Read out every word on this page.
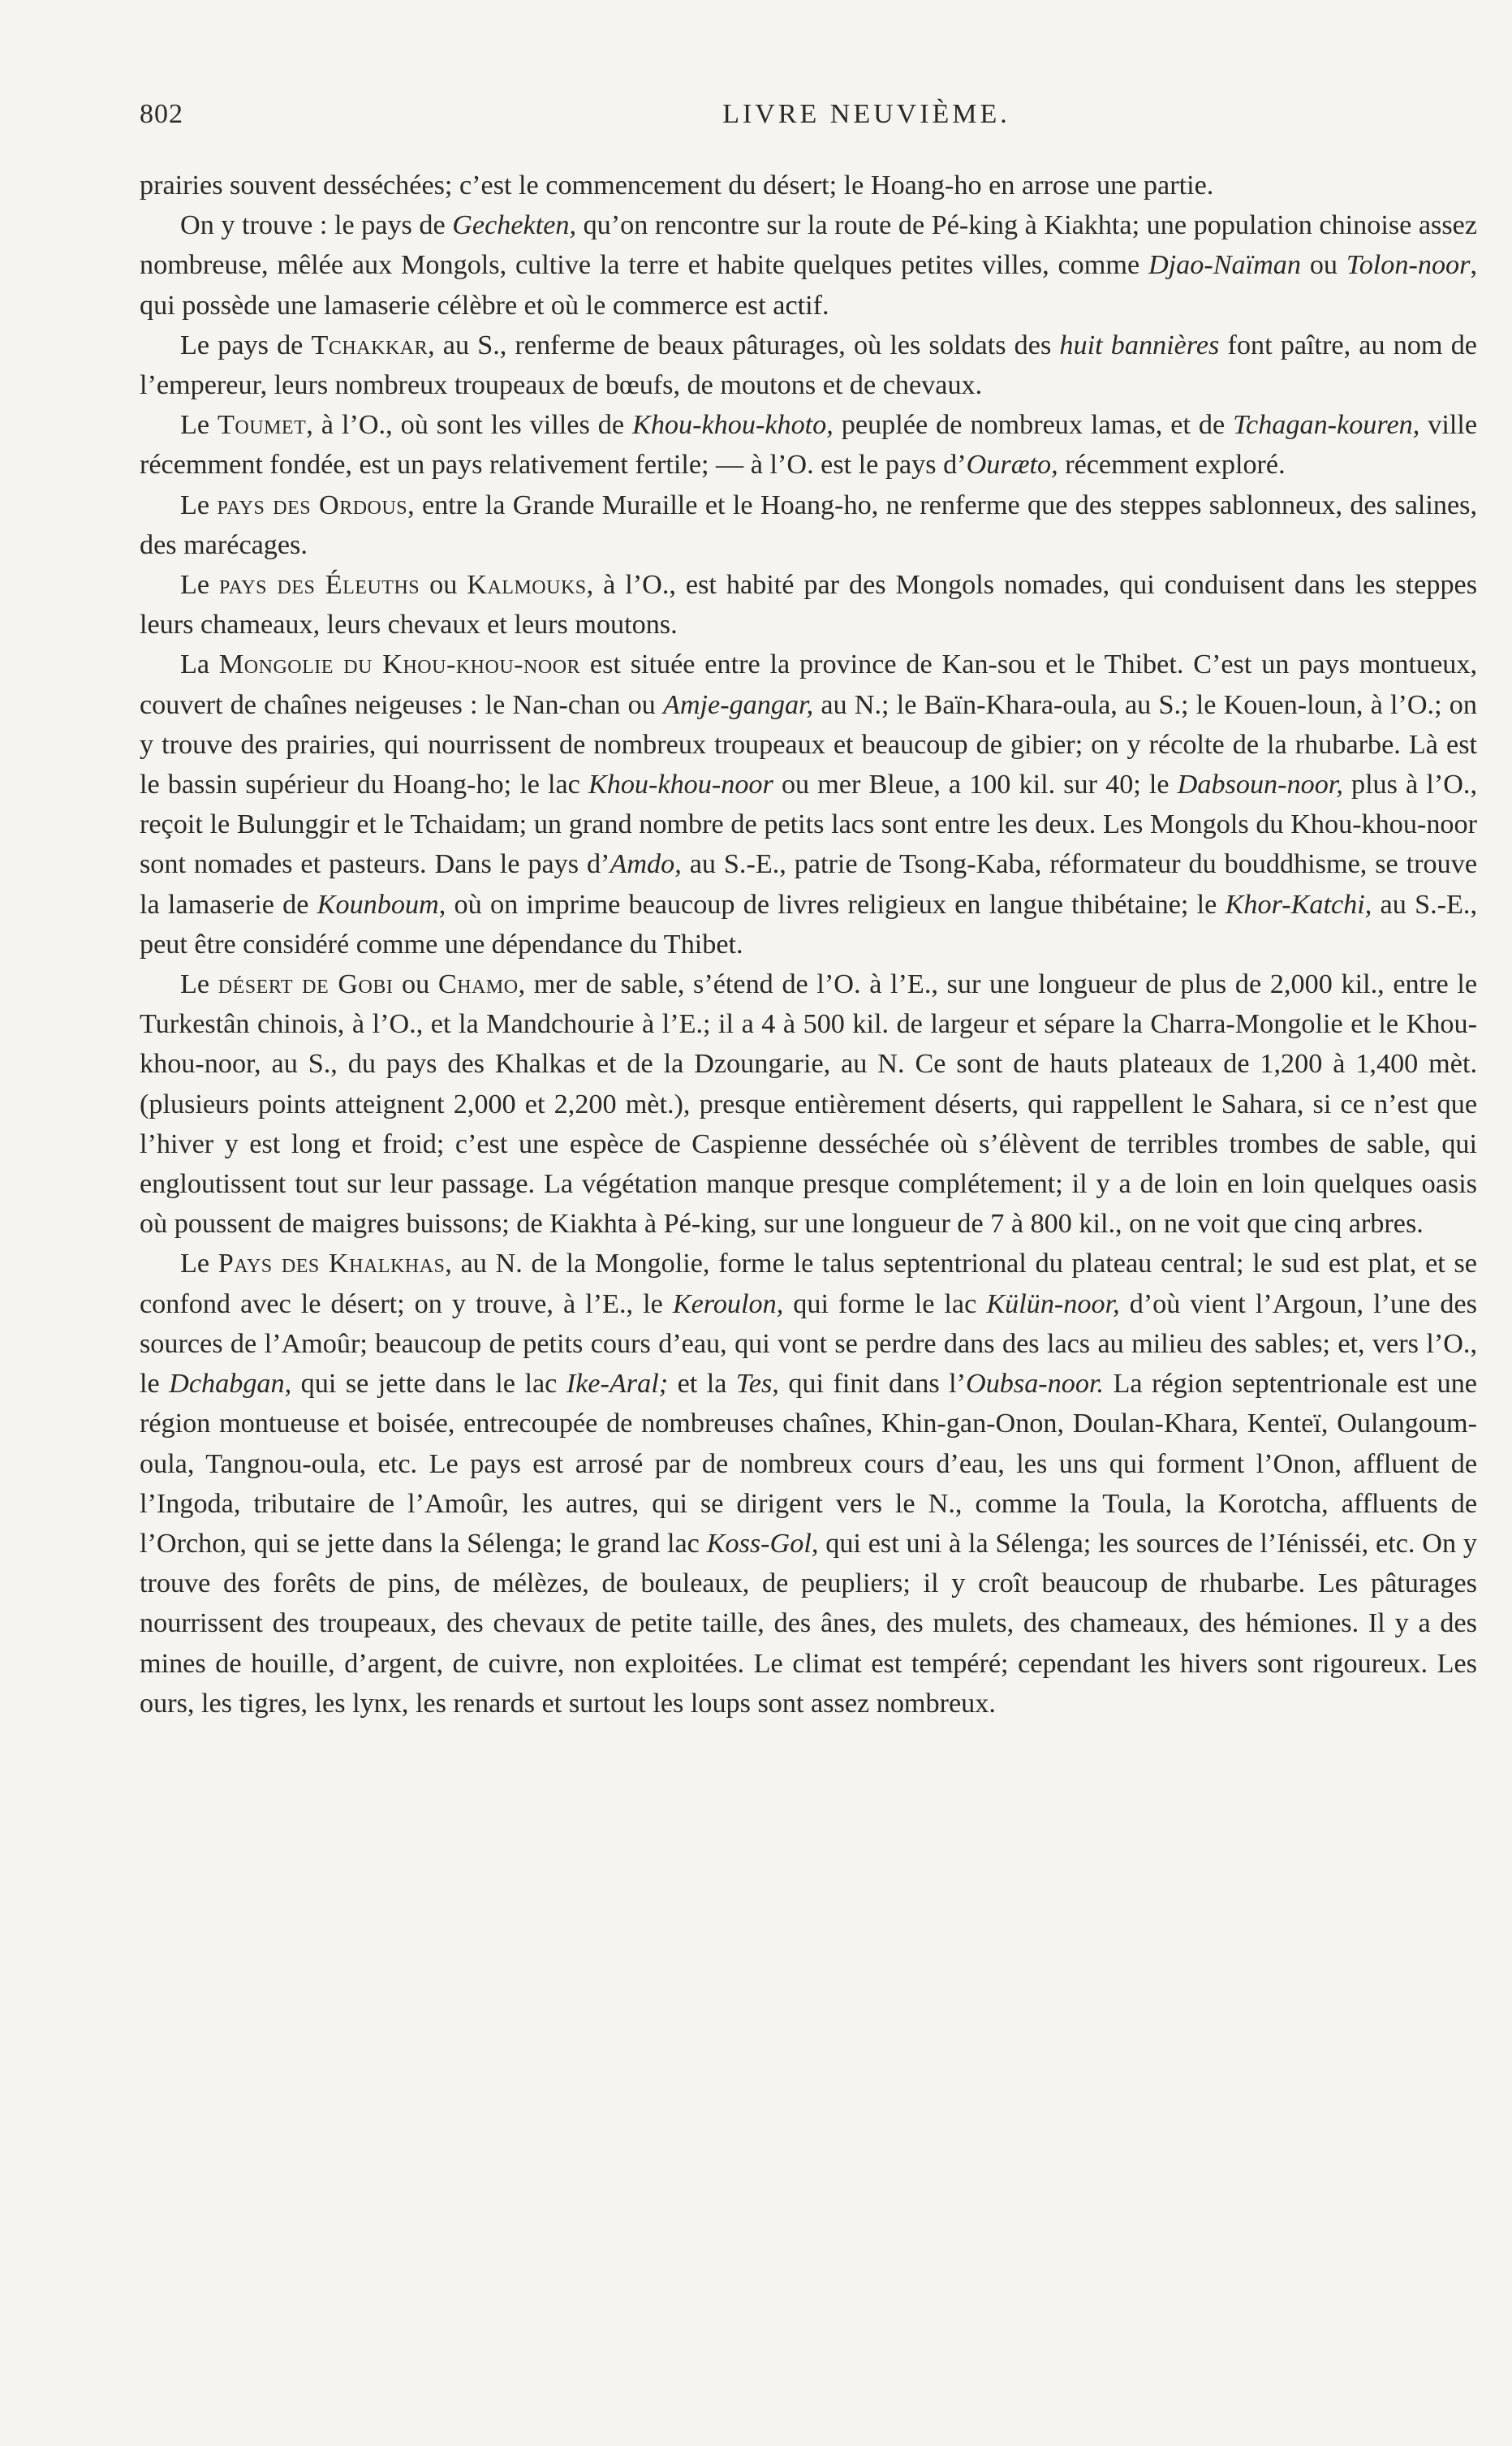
802	LIVRE NEUVIÈME.

prairies souvent desséchées; c’est le commencement du désert; le Hoang-ho en arrose une partie.

On y trouve : le pays de Gechekten, qu’on rencontre sur la route de Pé-king à Kiakhta; une population chinoise assez nombreuse, mêlée aux Mongols, cultive la terre et habite quelques petites villes, comme Djao-Naïman ou Tolon-noor, qui possède une lamaserie célèbre et où le commerce est actif.

Le pays de Tchakkar, au S., renferme de beaux pâturages, où les soldats des huit bannières font paître, au nom de l’empereur, leurs nombreux troupeaux de bœufs, de moutons et de chevaux.

Le Toumet, à l’O., où sont les villes de Khou-khou-khoto, peuplée de nombreux lamas, et de Tchagan-kouren, ville récemment fondée, est un pays relativement fertile; — à l’O. est le pays d’Ouræto, récemment exploré.

Le pays des Ordous, entre la Grande Muraille et le Hoang-ho, ne renferme que des steppes sablonneux, des salines, des marécages.

Le pays des Éleuths ou Kalmouks, à l’O., est habité par des Mongols nomades, qui conduisent dans les steppes leurs chameaux, leurs chevaux et leurs moutons.

La Mongolie du Khou-khou-noor est située entre la province de Kan-sou et le Thibet. C’est un pays montueux, couvert de chaînes neigeuses : le Nan-chan ou Amje-gangar, au N.; le Baïn-Khara-oula, au S.; le Kouen-loun, à l’O.; on y trouve des prairies, qui nourrissent de nombreux troupeaux et beaucoup de gibier; on y récolte de la rhubarbe. Là est le bassin supérieur du Hoang-ho; le lac Khou-khou-noor ou mer Bleue, a 100 kil. sur 40; le Dabsoun-noor, plus à l’O., reçoit le Bulunggir et le Tchaidam; un grand nombre de petits lacs sont entre les deux. Les Mongols du Khou-khou-noor sont nomades et pasteurs. Dans le pays d’Amdo, au S.-E., patrie de Tsong-Kaba, réformateur du bouddhisme, se trouve la lamaserie de Kounboum, où on imprime beaucoup de livres religieux en langue thibétaine; le Khor-Katchi, au S.-E., peut être considéré comme une dépendance du Thibet.

Le désert de Gobi ou Chamo, mer de sable, s’étend de l’O. à l’E., sur une longueur de plus de 2,000 kil., entre le Turkestân chinois, à l’O., et la Mandchourie à l’E.; il a 4 à 500 kil. de largeur et sépare la Charra-Mongolie et le Khou-khou-noor, au S., du pays des Khalkas et de la Dzoungarie, au N. Ce sont de hauts plateaux de 1,200 à 1,400 mèt. (plusieurs points atteignent 2,000 et 2,200 mèt.), presque entièrement déserts, qui rappellent le Sahara, si ce n’est que l’hiver y est long et froid; c’est une espèce de Caspienne desséchée où s’élèvent de terribles trombes de sable, qui engloutissent tout sur leur passage. La végétation manque presque complétement; il y a de loin en loin quelques oasis où poussent de maigres buissons; de Kiakhta à Pé-king, sur une longueur de 7 à 800 kil., on ne voit que cinq arbres.

Le Pays des Khalkhas, au N. de la Mongolie, forme le talus septentrional du plateau central; le sud est plat, et se confond avec le désert; on y trouve, à l’E., le Keroulon, qui forme le lac Külün-noor, d’où vient l’Argoun, l’une des sources de l’Amoûr; beaucoup de petits cours d’eau, qui vont se perdre dans des lacs au milieu des sables; et, vers l’O., le Dchabgan, qui se jette dans le lac Ike-Aral; et la Tes, qui finit dans l’Oubsa-noor. La région septentrionale est une région montueuse et boisée, entrecoupée de nombreuses chaînes, Khin-gan-Onon, Doulan-Khara, Kenteï, Oulangoum-oula, Tangnou-oula, etc. Le pays est arrosé par de nombreux cours d’eau, les uns qui forment l’Onon, affluent de l’Ingoda, tributaire de l’Amoûr, les autres, qui se dirigent vers le N., comme la Toula, la Korotcha, affluents de l’Orchon, qui se jette dans la Sélenga; le grand lac Koss-Gol, qui est uni à la Sélenga; les sources de l’Iénisséi, etc. On y trouve des forêts de pins, de mélèzes, de bouleaux, de peupliers; il y croît beaucoup de rhubarbe. Les pâturages nourrissent des troupeaux, des chevaux de petite taille, des ânes, des mulets, des chameaux, des hémiones. Il y a des mines de houille, d’argent, de cuivre, non exploitées. Le climat est tempéré; cependant les hivers sont rigoureux. Les ours, les tigres, les lynx, les renards et surtout les loups sont assez nombreux.
